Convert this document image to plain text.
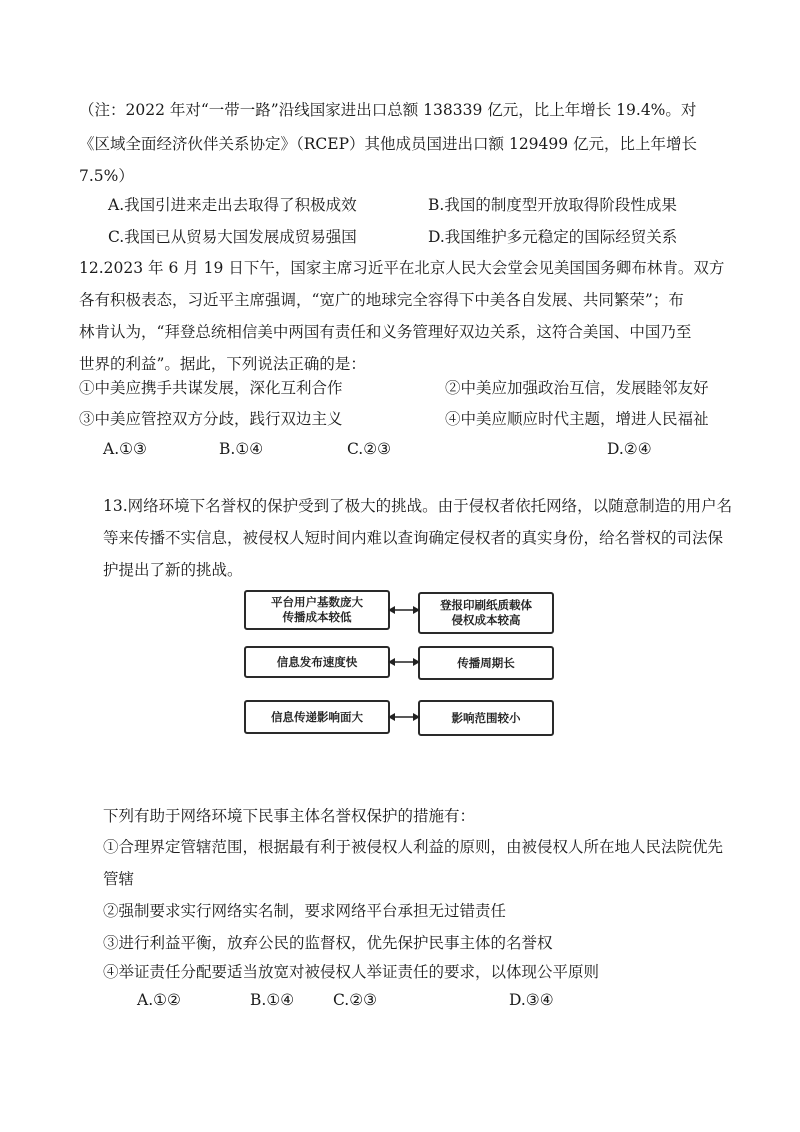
（注：2022 年对“一带一路”沿线国家进出口总额 138339 亿元，比上年增长 19.4%。对
《区域全面经济伙伴关系协定》（RCEP）其他成员国进出口额 129499 亿元，比上年增长
7.5%）
A.我国引进来走出去取得了积极成效	B.我国的制度型开放取得阶段性成果
C.我国已从贸易大国发展成贸易强国	D.我国维护多元稳定的国际经贸关系
12.2023 年 6 月 19 日下午，国家主席习近平在北京人民大会堂会见美国国务卿布林肯。双方
各有积极表态，习近平主席强调，“宽广的地球完全容得下中美各自发展、共同繁荣”；布
林肯认为，“拜登总统相信美中两国有责任和义务管理好双边关系，这符合美国、中国乃至
世界的利益”。据此，下列说法正确的是：
①中美应携手共谋发展，深化互利合作	②中美应加强政治互信，发展睦邻友好
③中美应管控双方分歧，践行双边主义	④中美应顺应时代主题，增进人民福祉
A.①③	B.①④	C.②③	D.②④
13.网络环境下名誉权的保护受到了极大的挑战。由于侵权者依托网络，以随意制造的用户名
等来传播不实信息，被侵权人短时间内难以查询确定侵权者的真实身份，给名誉权的司法保
护提出了新的挑战。
平台用户基数庞大
传播成本较低
信息发布速度快
信息传递影响面大
登报印刷纸质载体
侵权成本较高
传播周期长
影响范围较小
下列有助于网络环境下民事主体名誉权保护的措施有：
①合理界定管辖范围，根据最有利于被侵权人利益的原则，由被侵权人所在地人民法院优先
管辖
②强制要求实行网络实名制，要求网络平台承担无过错责任
③进行利益平衡，放弃公民的监督权，优先保护民事主体的名誉权
④举证责任分配要适当放宽对被侵权人举证责任的要求，以体现公平原则
A.①②	B.①④	C.②③	D.③④
